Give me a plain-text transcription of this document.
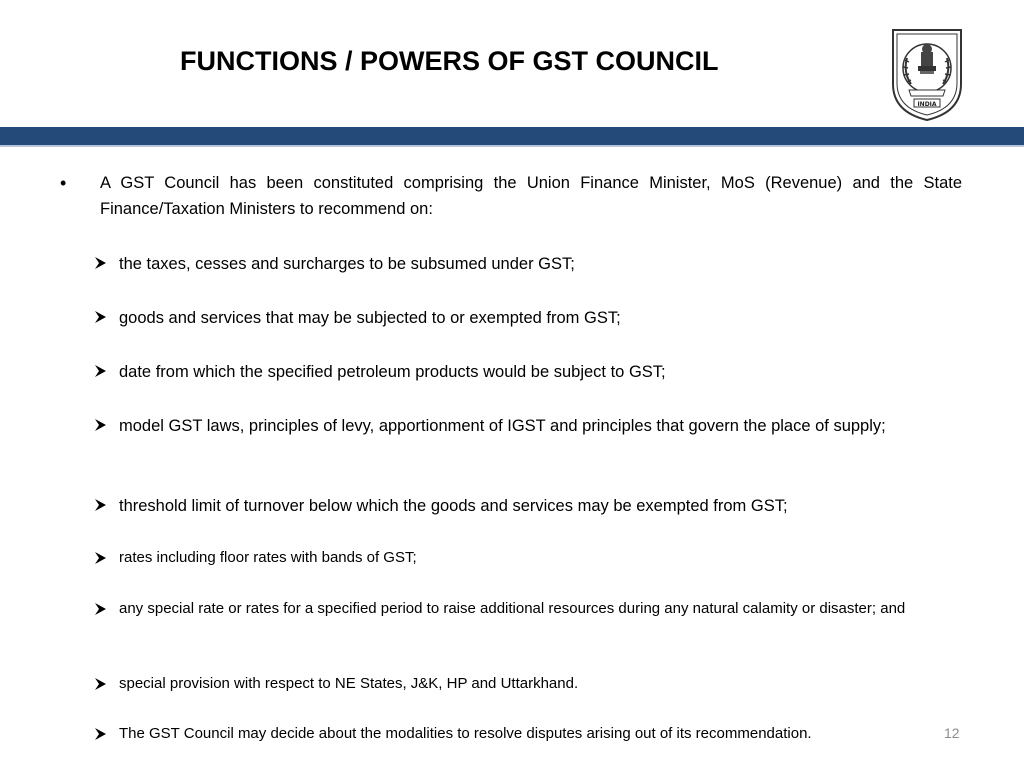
FUNCTIONS / POWERS OF GST COUNCIL
INDIA
• A GST Council has been constituted comprising the Union Finance Minister, MoS (Revenue) and the State Finance/Taxation Ministers to recommend on:
the taxes, cesses and surcharges to be subsumed under GST;
goods and services that may be subjected to or exempted from GST;
date from which the specified petroleum products would be subject to GST;
model GST laws, principles of levy, apportionment of IGST and principles that govern the place of supply;
threshold limit of turnover below which the goods and services may be exempted from GST;
rates including floor rates with bands of GST;
any special rate or rates for a specified period to raise additional resources during any natural calamity or disaster; and
special provision with respect to NE States, J&K, HP and Uttarkhand.
The GST Council may decide about the modalities to resolve disputes arising out of its recommendation.	12
